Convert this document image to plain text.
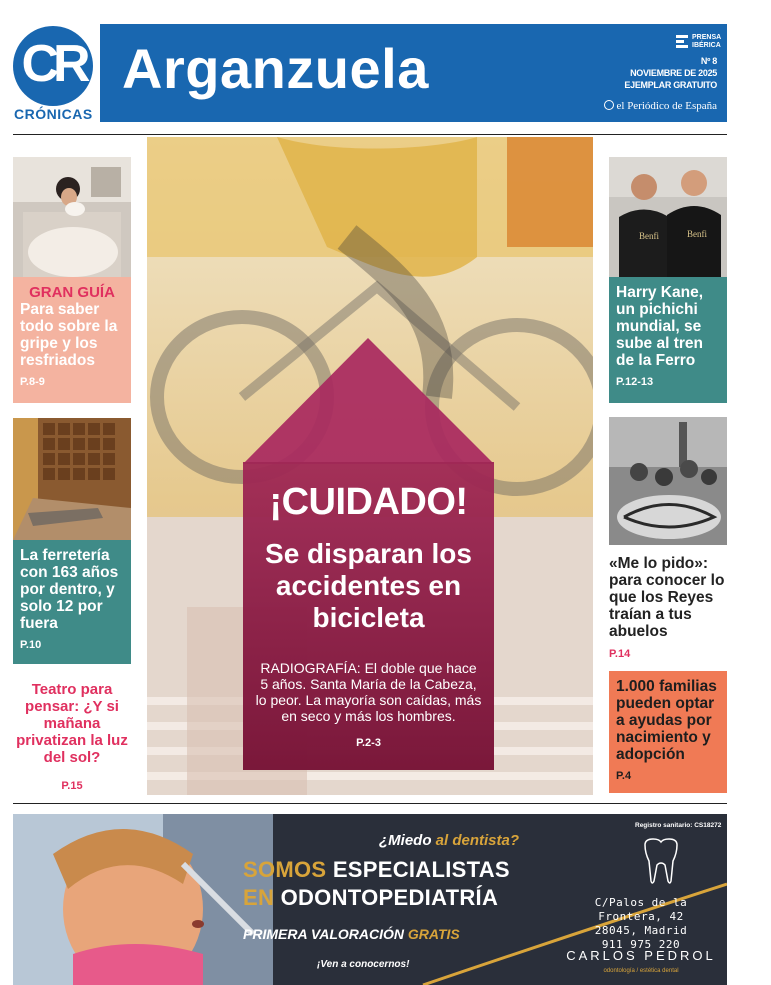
CR
CRÓNICAS
Arganzuela	PRENSA
IBÉRICA
Nº 8
NOVIEMBRE DE 2025
EJEMPLAR GRATUITO
el Periódico de España
GRAN GUÍA
Para saber todo sobre la gripe y los resfriados
P.8-9
La ferretería con 163 años por dentro, y solo 12 por fuera
P.10
Teatro para pensar: ¿Y si mañana privatizan la luz del sol?
P.15
¡CUIDADO!
Se disparan los accidentes en bicicleta
RADIOGRAFÍA: El doble que hace 5 años. Santa María de la Cabeza, lo peor. La mayoría son caídas, más en seco y más los hombres.
P.2-3
Benfi	Benfi
Harry Kane, un pichichi mundial, se sube al tren de la Ferro
P.12-13
«Me lo pido»: para conocer lo que los Reyes traían a tus abuelos
P.14
1.000 familias pueden optar a ayudas por nacimiento y adopción
P.4
Registro sanitario: CS18272
¿Miedo al dentista?
SOMOS ESPECIALISTAS
EN ODONTOPEDIATRÍA
PRIMERA VALORACIÓN GRATIS
¡Ven a conocernos!
C/Palos de la Frontera, 42
28045, Madrid
911 975 220
CARLOS PEDROL
odontología / estética dental
